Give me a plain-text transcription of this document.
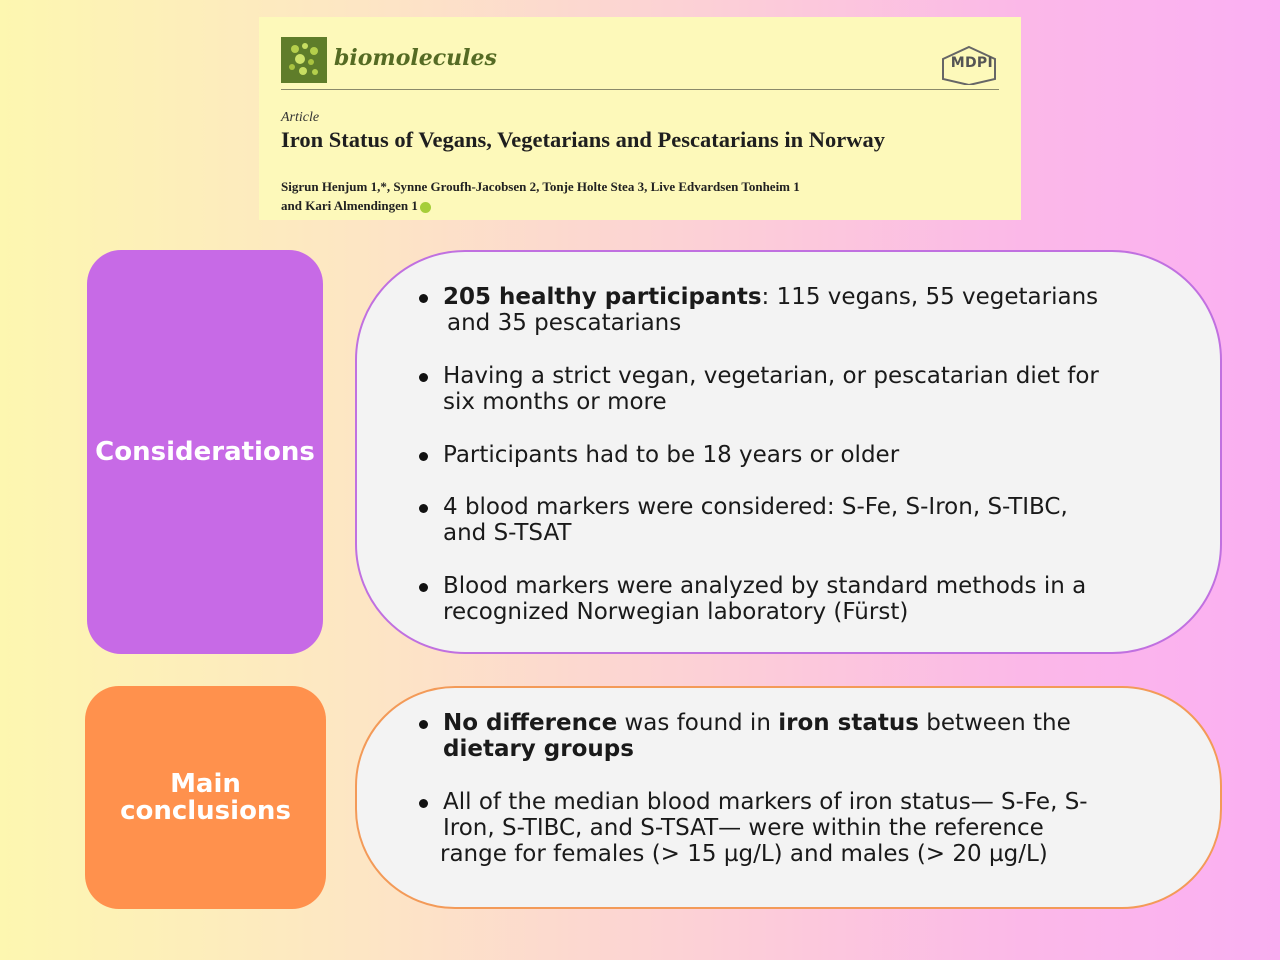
biomolecules	MDPI
Article
Iron Status of Vegans, Vegetarians and Pescatarians in Norway
Sigrun Henjum 1,*, Synne Groufh-Jacobsen 2, Tonje Holte Stea 3, Live Edvardsen Tonheim 1
and Kari Almendingen 1
Considerations
205 healthy participants: 115 vegans, 55 vegetarians
and 35 pescatarians
Having a strict vegan, vegetarian, or pescatarian diet for
six months or more
Participants had to be 18 years or older
4 blood markers were considered: S-Fe, S-Iron, S-TIBC,
and S-TSAT
Blood markers were analyzed by standard methods in a
recognized Norwegian laboratory (Fürst)
Main
conclusions
No difference was found in iron status between the
dietary groups
All of the median blood markers of iron status— S-Fe, S-
Iron, S-TIBC, and S-TSAT— were within the reference
range for females (> 15 µg/L) and males (> 20 µg/L)
